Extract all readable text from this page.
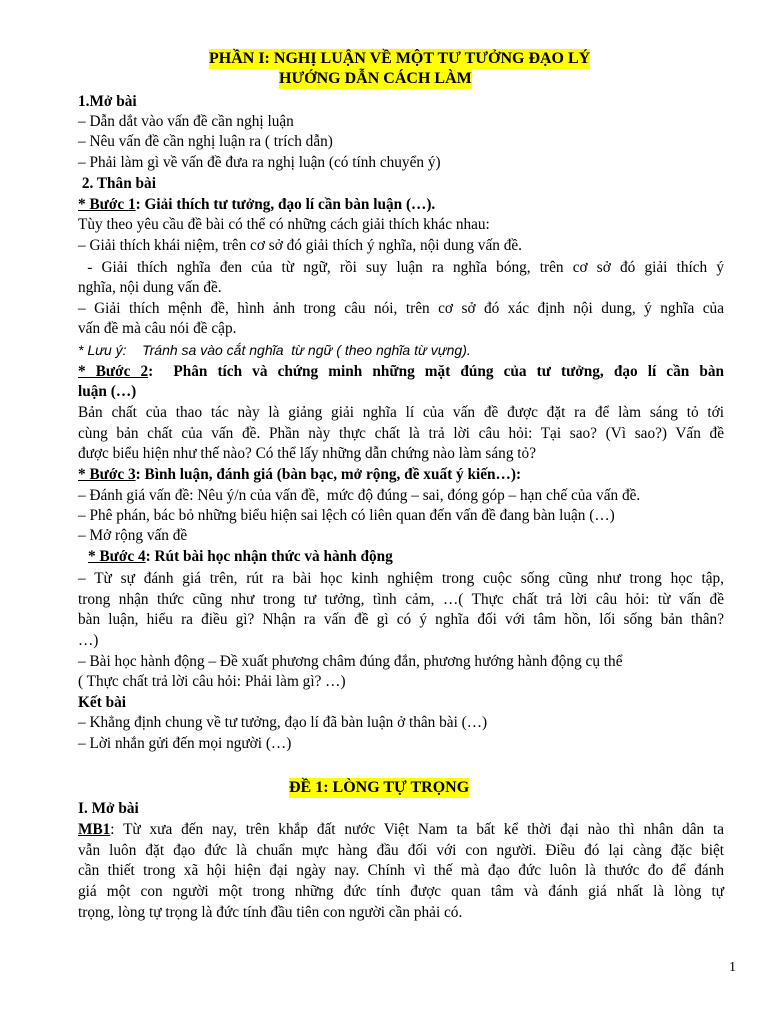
PHẦN I: NGHỊ LUẬN VỀ MỘT TƯ TƯỞNG ĐẠO LÝ
HƯỚNG DẪN CÁCH LÀM
1.Mở bài
– Dẫn dắt vào vấn đề cần nghị luận
– Nêu vấn đề cần nghị luận ra ( trích dẫn)
– Phải làm gì về vấn đề đưa ra nghị luận (có tính chuyển ý)
2. Thân bài
* Bước 1: Giải thích tư tưởng, đạo lí cần bàn luận (…).
Tùy theo yêu cầu đề bài có thể có những cách giải thích khác nhau:
– Giải thích khái niệm, trên cơ sở đó giải thích ý nghĩa, nội dung vấn đề.
- Giải thích nghĩa đen của từ ngữ, rồi suy luận ra nghĩa bóng, trên cơ sở đó giải thích ý
nghĩa, nội dung vấn đề.
– Giải thích mệnh đề, hình ảnh trong câu nói, trên cơ sở đó xác định nội dung, ý nghĩa của
vấn đề mà câu nói đề cập.
* Lưu ý:    Tránh sa vào cắt nghĩa  từ ngữ ( theo nghĩa từ vựng).
* Bước 2:  Phân tích và chứng minh những mặt đúng của tư tưởng, đạo lí cần bàn
luận (…)
Bản chất của thao tác này là giảng giải nghĩa lí của vấn đề được đặt ra để làm sáng tỏ tới
cùng bản chất của vấn đề. Phần này thực chất là trả lời câu hỏi: Tại sao? (Vì sao?) Vấn đề
được biểu hiện như thế nào? Có thể lấy những dẫn chứng nào làm sáng tỏ?
* Bước 3: Bình luận, đánh giá (bàn bạc, mở rộng, đề xuất ý kiến…):
– Đánh giá vấn đề: Nêu ý/n của vấn đề,  mức độ đúng – sai, đóng góp – hạn chế của vấn đề.
– Phê phán, bác bỏ những biểu hiện sai lệch có liên quan đến vấn đề đang bàn luận (…)
– Mở rộng vấn đề
* Bước 4: Rút bài học nhận thức và hành động
– Từ sự đánh giá trên, rút ra bài học kinh nghiệm trong cuộc sống cũng như trong học tập,
trong nhận thức cũng như trong tư tưởng, tình cảm, …( Thực chất trả lời câu hỏi: từ vấn đề
bàn luận, hiểu ra điều gì? Nhận ra vấn đề gì có ý nghĩa đối với tâm hồn, lối sống bản thân?
…)
– Bài học hành động – Đề xuất phương châm đúng đắn, phương hướng hành động cụ thể
( Thực chất trả lời câu hỏi: Phải làm gì? …)
Kết bài
– Khẳng định chung về tư tưởng, đạo lí đã bàn luận ở thân bài (…)
– Lời nhắn gửi đến mọi người (…)
ĐỀ 1: LÒNG TỰ TRỌNG
I. Mở bài
MB1: Từ xưa đến nay, trên khắp đất nước Việt Nam ta bất kể thời đại nào thì nhân dân ta
vẫn luôn đặt đạo đức là chuẩn mực hàng đầu đối với con người. Điều đó lại càng đặc biệt
cần thiết trong xã hội hiện đại ngày nay. Chính vì thế mà đạo đức luôn là thước đo để đánh
giá một con người một trong những đức tính được quan tâm và đánh giá nhất là lòng tự
trọng, lòng tự trọng là đức tính đầu tiên con người cần phải có.
1
